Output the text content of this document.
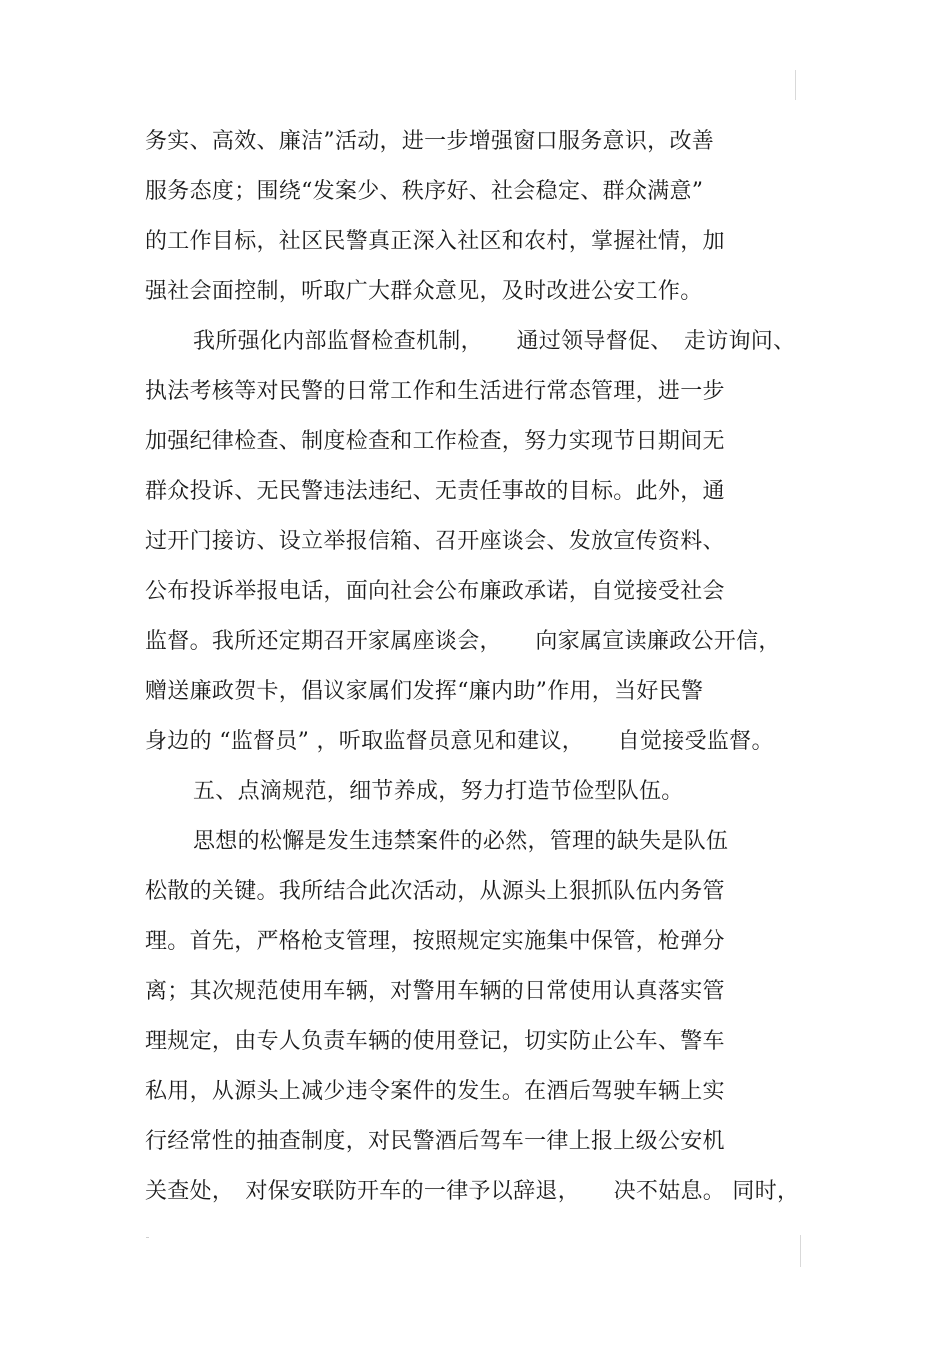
务实、高效、廉洁”活动，进一步增强窗口服务意识，改善
服务态度；围绕“发案少、秩序好、社会稳定、群众满意”
的工作目标，社区民警真正深入社区和农村，掌握社情，加
强社会面控制，听取广大群众意见，及时改进公安工作。
我所强化内部监督检查机制，　　通过领导督促、　走访询问、
执法考核等对民警的日常工作和生活进行常态管理，进一步
加强纪律检查、制度检查和工作检查，努力实现节日期间无
群众投诉、无民警违法违纪、无责任事故的目标。此外，通
过开门接访、设立举报信箱、召开座谈会、发放宣传资料、
公布投诉举报电话，面向社会公布廉政承诺，自觉接受社会
监督。我所还定期召开家属座谈会，　　向家属宣读廉政公开信，
赠送廉政贺卡，倡议家属们发挥“廉内助”作用，当好民警
身边的 “监督员” ，听取监督员意见和建议，　　自觉接受监督。
五、点滴规范，细节养成，努力打造节俭型队伍。
思想的松懈是发生违禁案件的必然，管理的缺失是队伍
松散的关键。我所结合此次活动，从源头上狠抓队伍内务管
理。首先，严格枪支管理，按照规定实施集中保管，枪弹分
离；其次规范使用车辆，对警用车辆的日常使用认真落实管
理规定，由专人负责车辆的使用登记，切实防止公车、警车
私用，从源头上减少违令案件的发生。在酒后驾驶车辆上实
行经常性的抽查制度，对民警酒后驾车一律上报上级公安机
关查处，　对保安联防开车的一律予以辞退，　　决不姑息。 同时，
